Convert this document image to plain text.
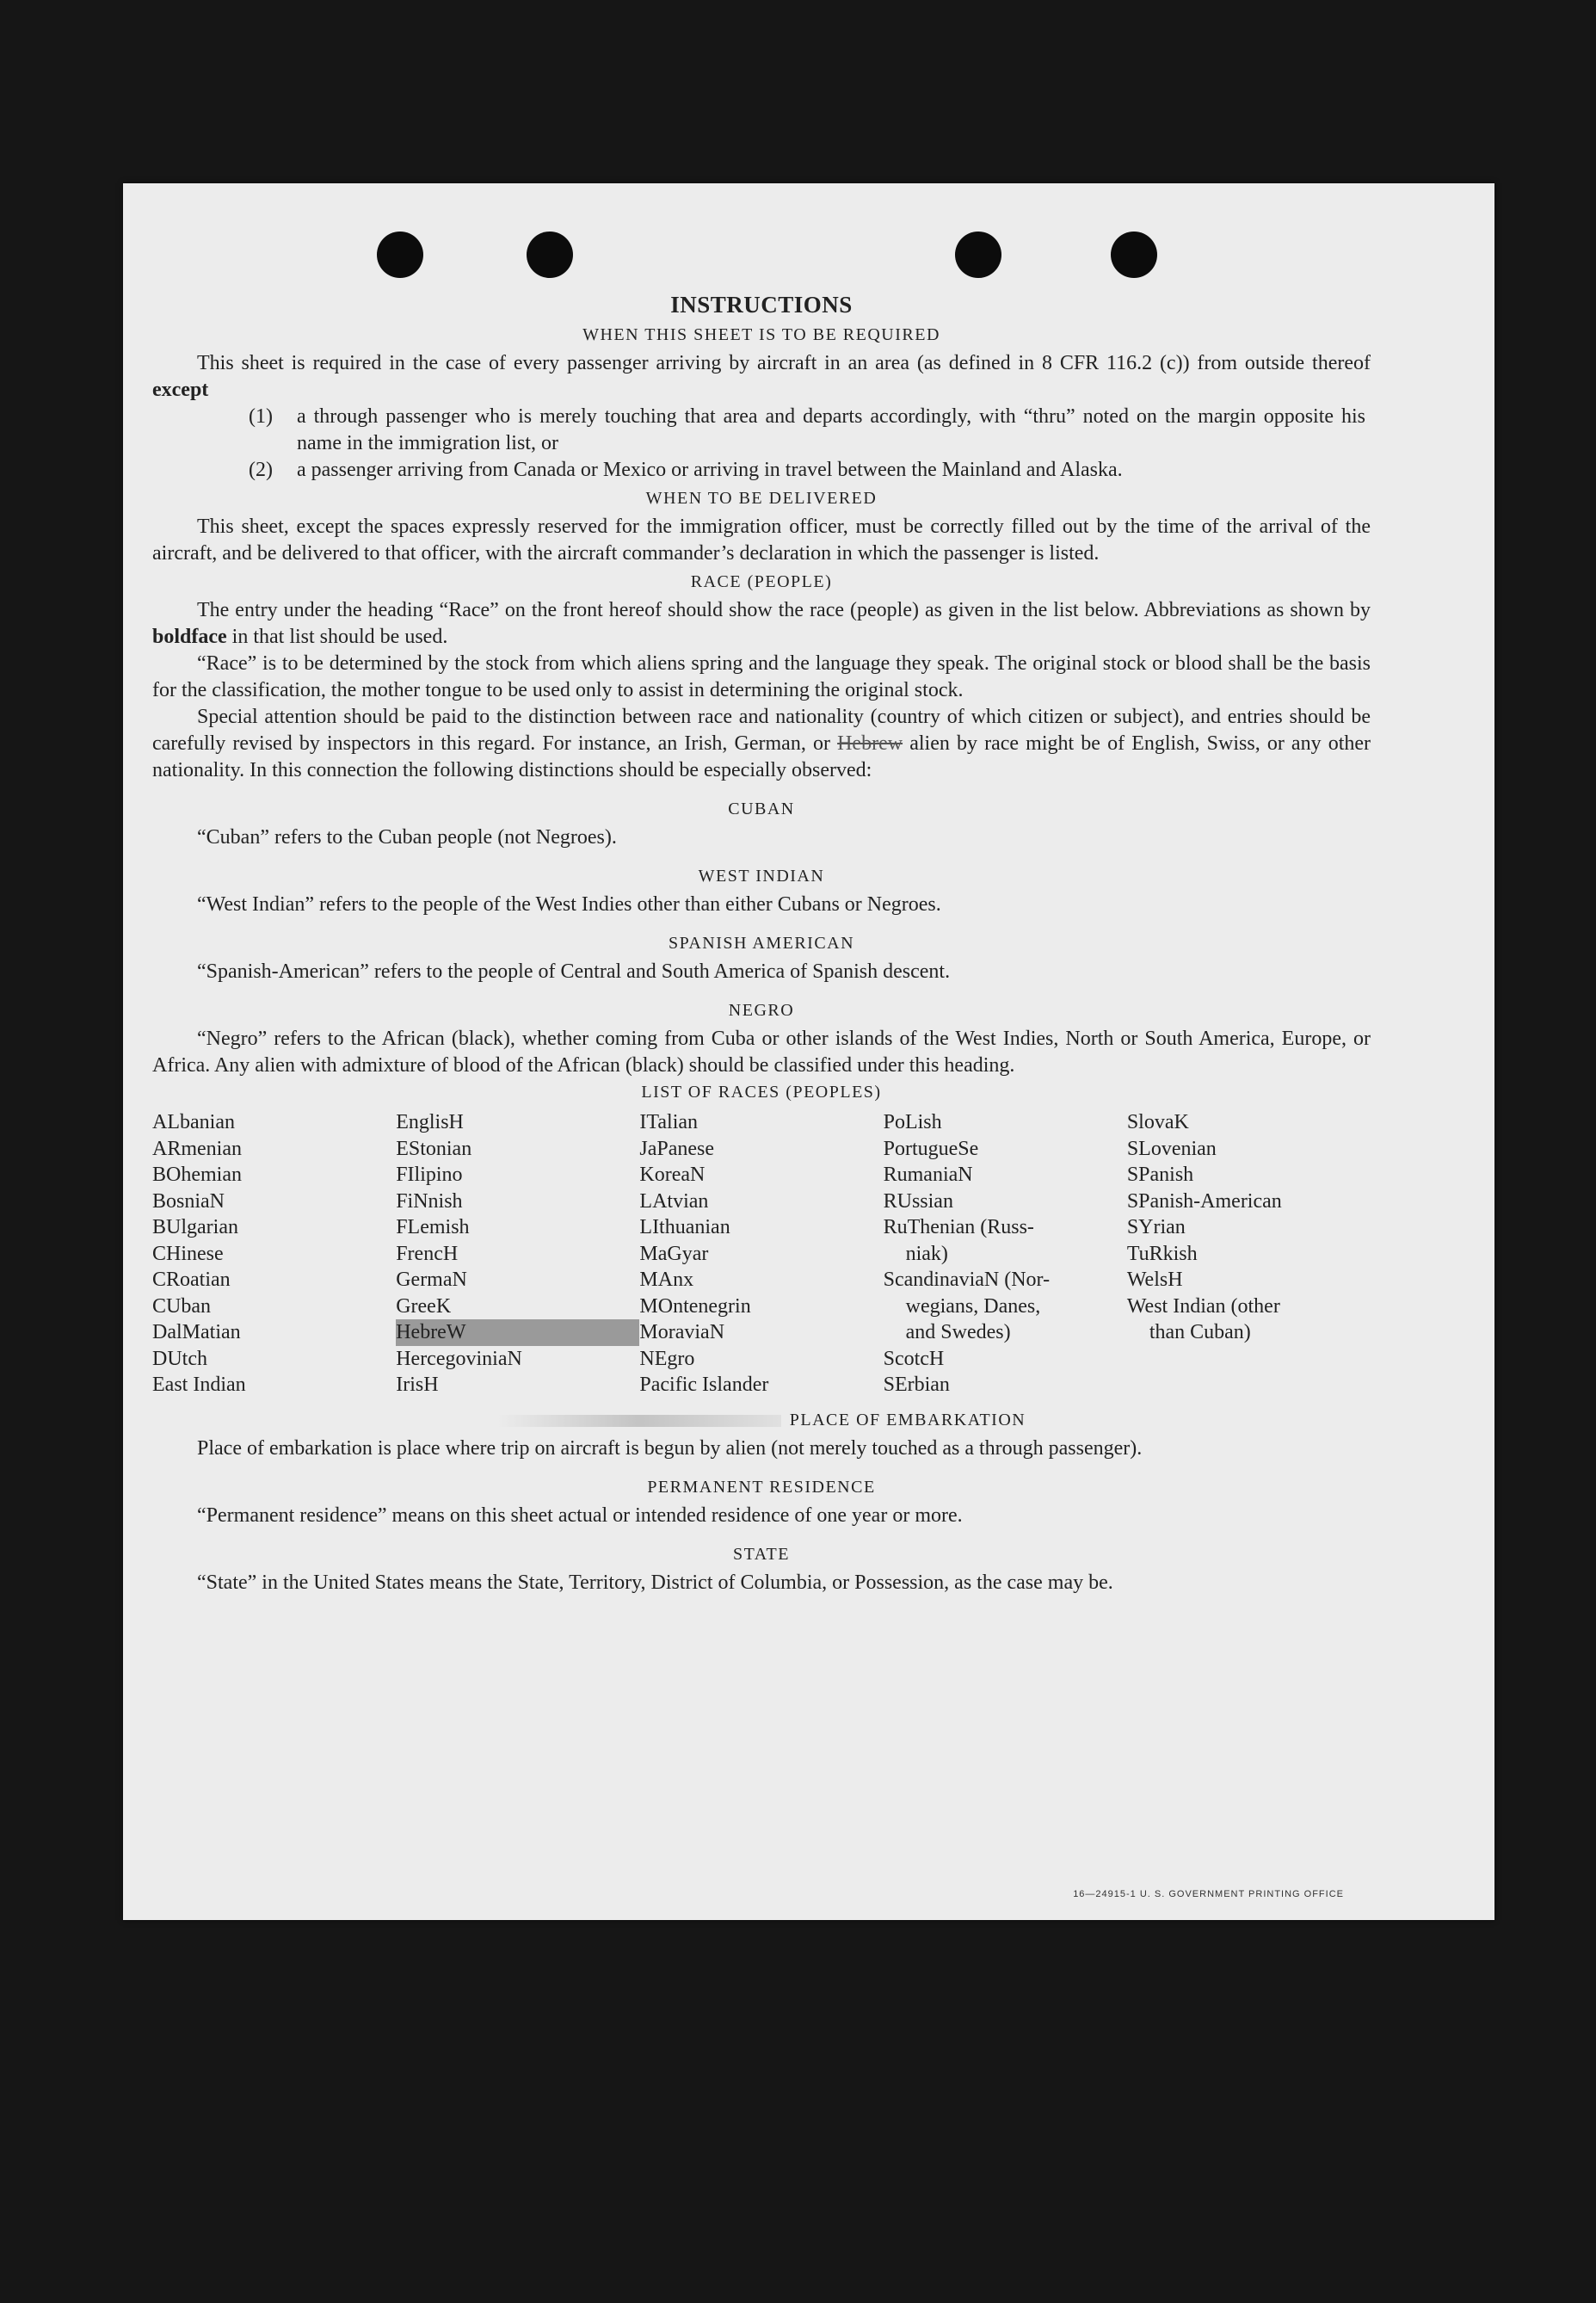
INSTRUCTIONS
WHEN THIS SHEET IS TO BE REQUIRED

This sheet is required in the case of every passenger arriving by aircraft in an area (as defined in 8 CFR 116.2 (c)) from outside thereof except

(1)	a through passenger who is merely touching that area and departs accordingly, with “thru” noted on the margin opposite his name in the immigration list, or
(2)	a passenger arriving from Canada or Mexico or arriving in travel between the Mainland and Alaska.
WHEN TO BE DELIVERED

This sheet, except the spaces expressly reserved for the immigration officer, must be correctly filled out by the time of the arrival of the aircraft, and be delivered to that officer, with the aircraft commander’s declaration in which the passenger is listed.

RACE (PEOPLE)

The entry under the heading “Race” on the front hereof should show the race (people) as given in the list below. Abbreviations as shown by boldface in that list should be used.

“Race” is to be determined by the stock from which aliens spring and the language they speak. The original stock or blood shall be the basis for the classification, the mother tongue to be used only to assist in determining the original stock.

Special attention should be paid to the distinction between race and nationality (country of which citizen or subject), and entries should be carefully revised by inspectors in this regard. For instance, an Irish, German, or Hebrew alien by race might be of English, Swiss, or any other nationality. In this connection the following distinctions should be especially observed:

CUBAN
“Cuban” refers to the Cuban people (not Negroes).
WEST INDIAN
“West Indian” refers to the people of the West Indies other than either Cubans or Negroes.
SPANISH AMERICAN
“Spanish-American” refers to the people of Central and South America of Spanish descent.
NEGRO

“Negro” refers to the African (black), whether coming from Cuba or other islands of the West Indies, North or South America, Europe, or Africa. Any alien with admixture of blood of the African (black) should be classified under this heading.

LIST OF RACES (PEOPLES)
ALbanian
ARmenian
BOhemian
BosniaN
BUlgarian
CHinese
CRoatian
CUban
DalMatian
DUtch
East Indian
EnglisH
EStonian
FIlipino
FiNnish
FLemish
FrencH
GermaN
GreeK
HebreW
HercegoviniaN
IrisH
ITalian
JaPanese
KoreaN
LAtvian
LIthuanian
MaGyar
MAnx
MOntenegrin
MoraviaN
NEgro
Pacific Islander
PoLish
PortugueSe
RumaniaN
RUssian
RuThenian (Russ-
niak)
ScandinaviaN (Nor-
wegians, Danes,
and Swedes)
ScotcH
SErbian
SlovaK
SLovenian
SPanish
SPanish-American
SYrian
TuRkish
WelsH
West Indian (other
than Cuban)
PLACE OF EMBARKATION

Place of embarkation is place where trip on aircraft is begun by alien (not merely touched as a through passenger).

PERMANENT RESIDENCE
“Permanent residence” means on this sheet actual or intended residence of one year or more.
STATE

“State” in the United States means the State, Territory, District of Columbia, or Possession, as the case may be.

16—24915-1 U. S. GOVERNMENT PRINTING OFFICE
